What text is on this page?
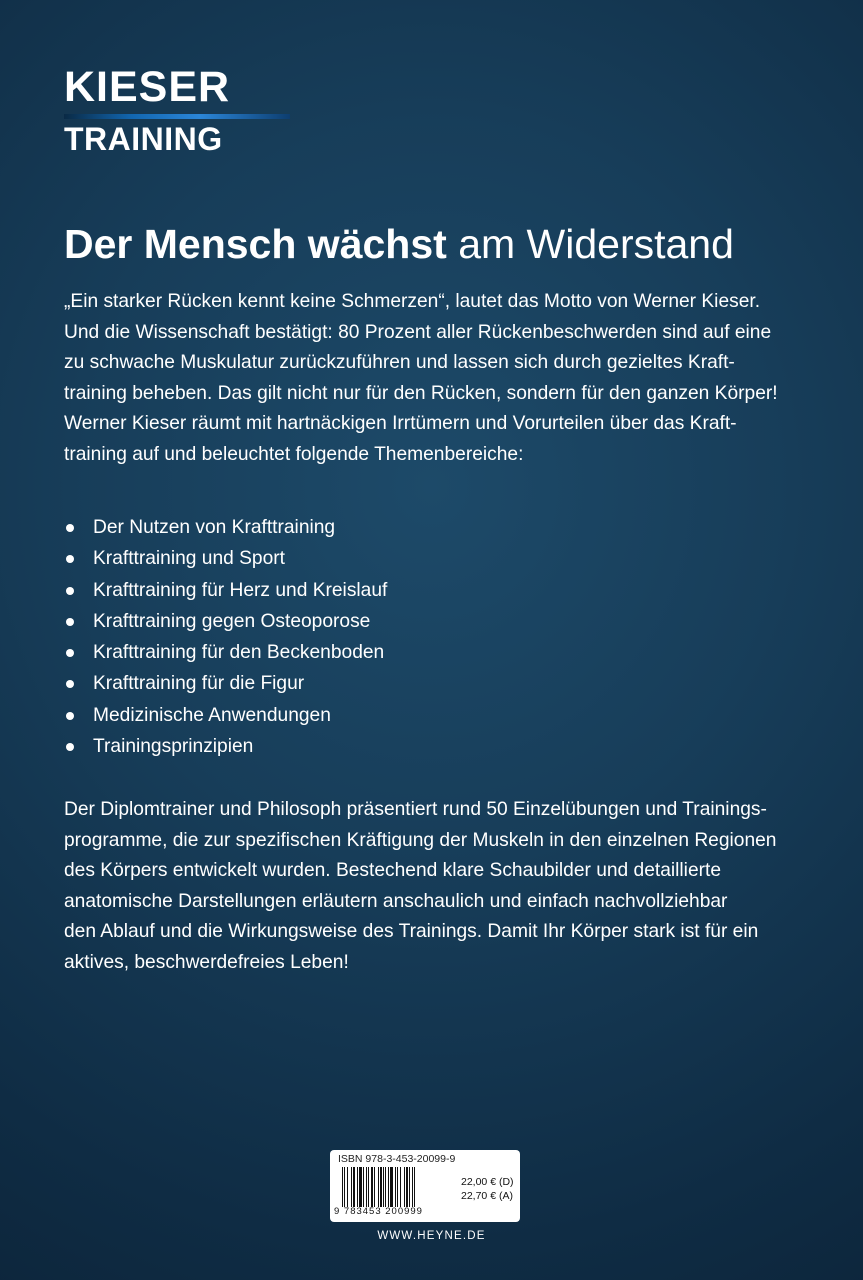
KIESER
TRAINING
Der Mensch wächst am Widerstand

„Ein starker Rücken kennt keine Schmerzen“, lautet das Motto von Werner Kieser.
Und die Wissenschaft bestätigt: 80 Prozent aller Rückenbeschwerden sind auf eine
zu schwache Muskulatur zurückzuführen und lassen sich durch gezieltes Kraft-
training beheben. Das gilt nicht nur für den Rücken, sondern für den ganzen Körper!
Werner Kieser räumt mit hartnäckigen Irrtümern und Vorurteilen über das Kraft-
training auf und beleuchtet folgende Themenbereiche:

Der Nutzen von Krafttraining
Krafttraining und Sport
Krafttraining für Herz und Kreislauf
Krafttraining gegen Osteoporose
Krafttraining für den Beckenboden
Krafttraining für die Figur
Medizinische Anwendungen
Trainingsprinzipien

Der Diplomtrainer und Philosoph präsentiert rund 50 Einzelübungen und Trainings-
programme, die zur spezifischen Kräftigung der Muskeln in den einzelnen Regionen
des Körpers entwickelt wurden. Bestechend klare Schaubilder und detaillierte
anatomische Darstellungen erläutern anschaulich und einfach nachvollziehbar
den Ablauf und die Wirkungsweise des Trainings. Damit Ihr Körper stark ist für ein
aktives, beschwerdefreies Leben!

ISBN 978-3-453-20099-9
9 783453 200999
22,00 € (D)
22,70 € (A)
WWW.HEYNE.DE
